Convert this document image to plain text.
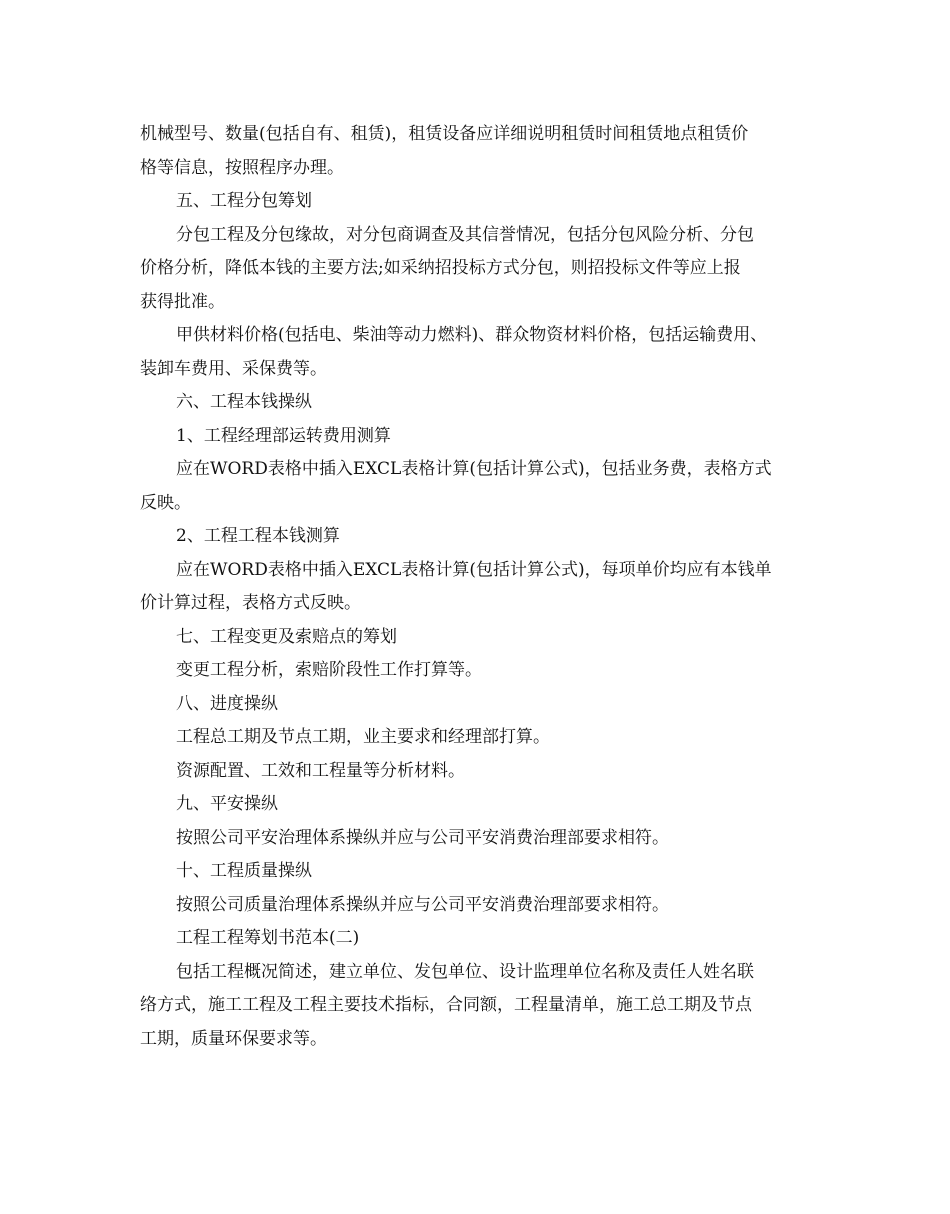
机械型号、数量(包括自有、租赁)，租赁设备应详细说明租赁时间租赁地点租赁价
格等信息，按照程序办理。
五、工程分包筹划
分包工程及分包缘故，对分包商调查及其信誉情况，包括分包风险分析、分包
价格分析，降低本钱的主要方法;如采纳招投标方式分包，则招投标文件等应上报
获得批准。
甲供材料价格(包括电、柴油等动力燃料)、群众物资材料价格，包括运输费用、
装卸车费用、采保费等。
六、工程本钱操纵
1、工程经理部运转费用测算
应在WORD表格中插入EXCL表格计算(包括计算公式)，包括业务费，表格方式
反映。
2、工程工程本钱测算
应在WORD表格中插入EXCL表格计算(包括计算公式)，每项单价均应有本钱单
价计算过程，表格方式反映。
七、工程变更及索赔点的筹划
变更工程分析，索赔阶段性工作打算等。
八、进度操纵
工程总工期及节点工期，业主要求和经理部打算。
资源配置、工效和工程量等分析材料。
九、平安操纵
按照公司平安治理体系操纵并应与公司平安消费治理部要求相符。
十、工程质量操纵
按照公司质量治理体系操纵并应与公司平安消费治理部要求相符。
工程工程筹划书范本(二)
包括工程概况简述，建立单位、发包单位、设计监理单位名称及责任人姓名联
络方式，施工工程及工程主要技术指标，合同额，工程量清单，施工总工期及节点
工期，质量环保要求等。
